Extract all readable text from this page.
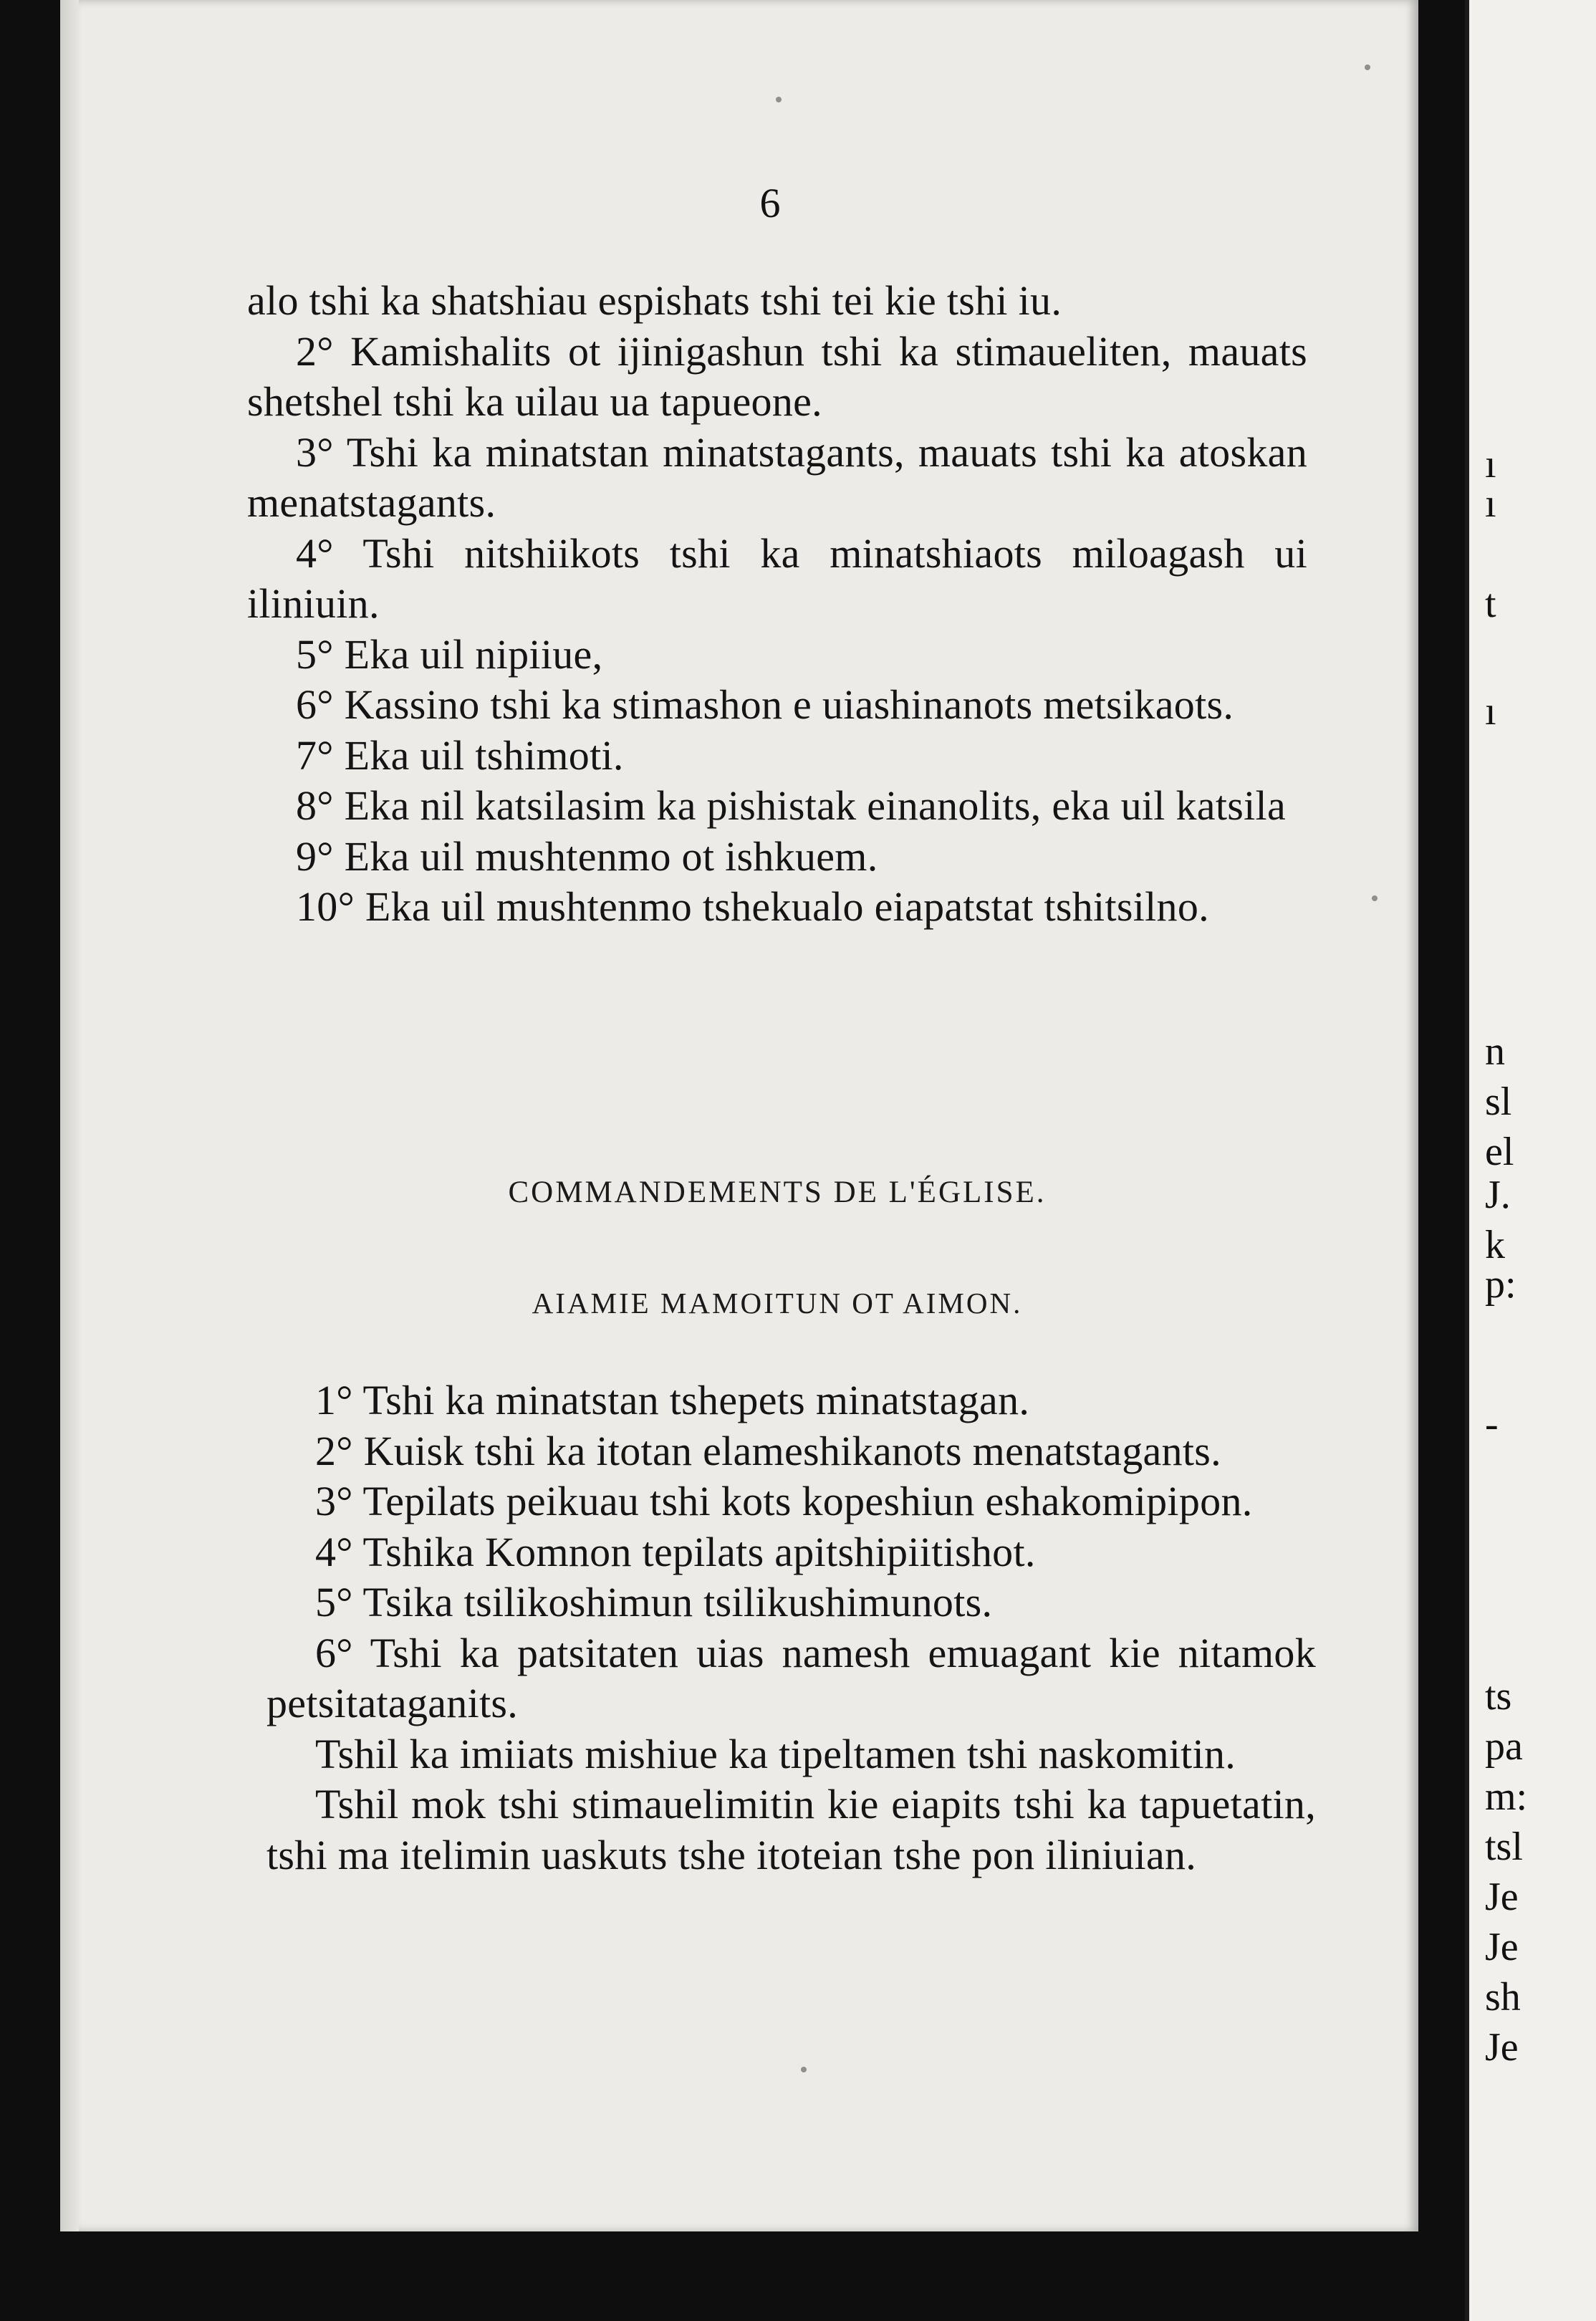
6

alo tshi ka shatshiau espishats tshi tei kie tshi iu.

2° Kamishalits ot ijinigashun tshi ka stimaueliten, mauats shetshel tshi ka uilau ua tapueone.

3° Tshi ka minatstan minatstagants, mauats tshi ka atoskan menatstagants.

4° Tshi nitshiikots tshi ka minatshiaots miloagash ui iliniuin.

5° Eka uil nipiiue,

6° Kassino tshi ka stimashon e uiashinanots metsikaots.

7° Eka uil tshimoti.

8° Eka nil katsilasim ka pishistak einanolits, eka uil katsila

9° Eka uil mushtenmo ot ishkuem.

10° Eka uil mushtenmo tshekualo eiapatstat tshitsilno.

COMMANDEMENTS DE L'ÉGLISE.
AIAMIE MAMOITUN OT AIMON.

1° Tshi ka minatstan tshepets minatstagan.

2° Kuisk tshi ka itotan elameshikanots menatstagants.

3° Tepilats peikuau tshi kots kopeshiun eshakomipipon.

4° Tshika Komnon tepilats apitshipiitishot.

5° Tsika tsilikoshimun tsilikushimunots.

6° Tshi ka patsitaten uias namesh emuagant kie nitamok petsitataganits.

Tshil ka imiiats mishiue ka tipeltamen tshi naskomitin.

Tshil mok tshi stimauelimitin kie eiapits tshi ka tapuetatin, tshi ma itelimin uaskuts tshe itoteian tshe pon iliniuian.

ı
ı
t
ı
n
sl
el
J.
k
p:
-
ts
pa
m:
tsl
Je
Je
sh
Je
